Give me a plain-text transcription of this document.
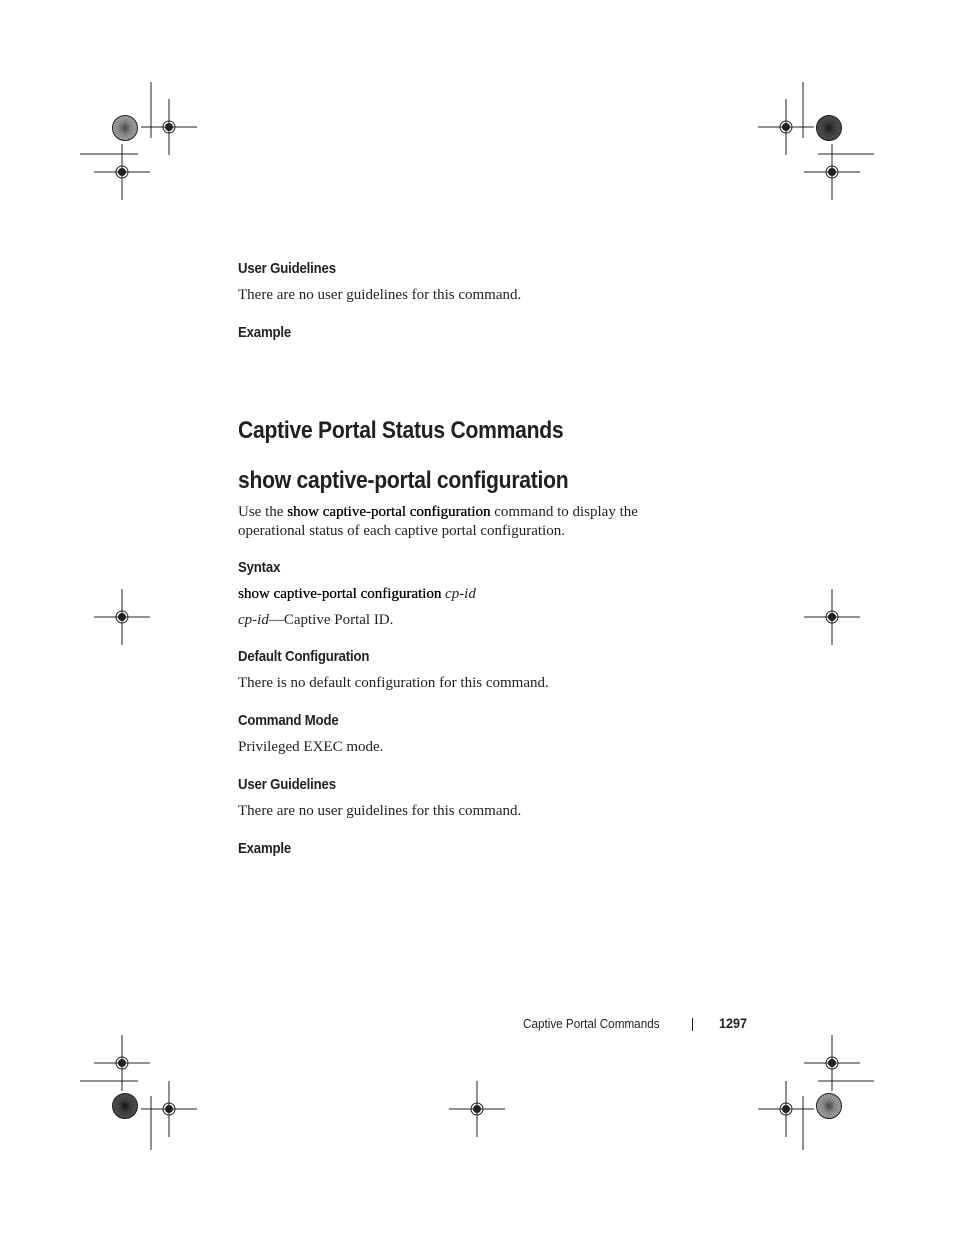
User Guidelines
There are no user guidelines for this command.
Example
Captive Portal Status Commands
show captive-portal configuration
Use the show captive-portal configuration command to display the
operational status of each captive portal configuration.
Syntax
show captive-portal configuration cp-id
cp-id—Captive Portal ID.
Default Configuration
There is no default configuration for this command.
Command Mode
Privileged EXEC mode.
User Guidelines
There are no user guidelines for this command.
Example
Captive Portal Commands	1297
